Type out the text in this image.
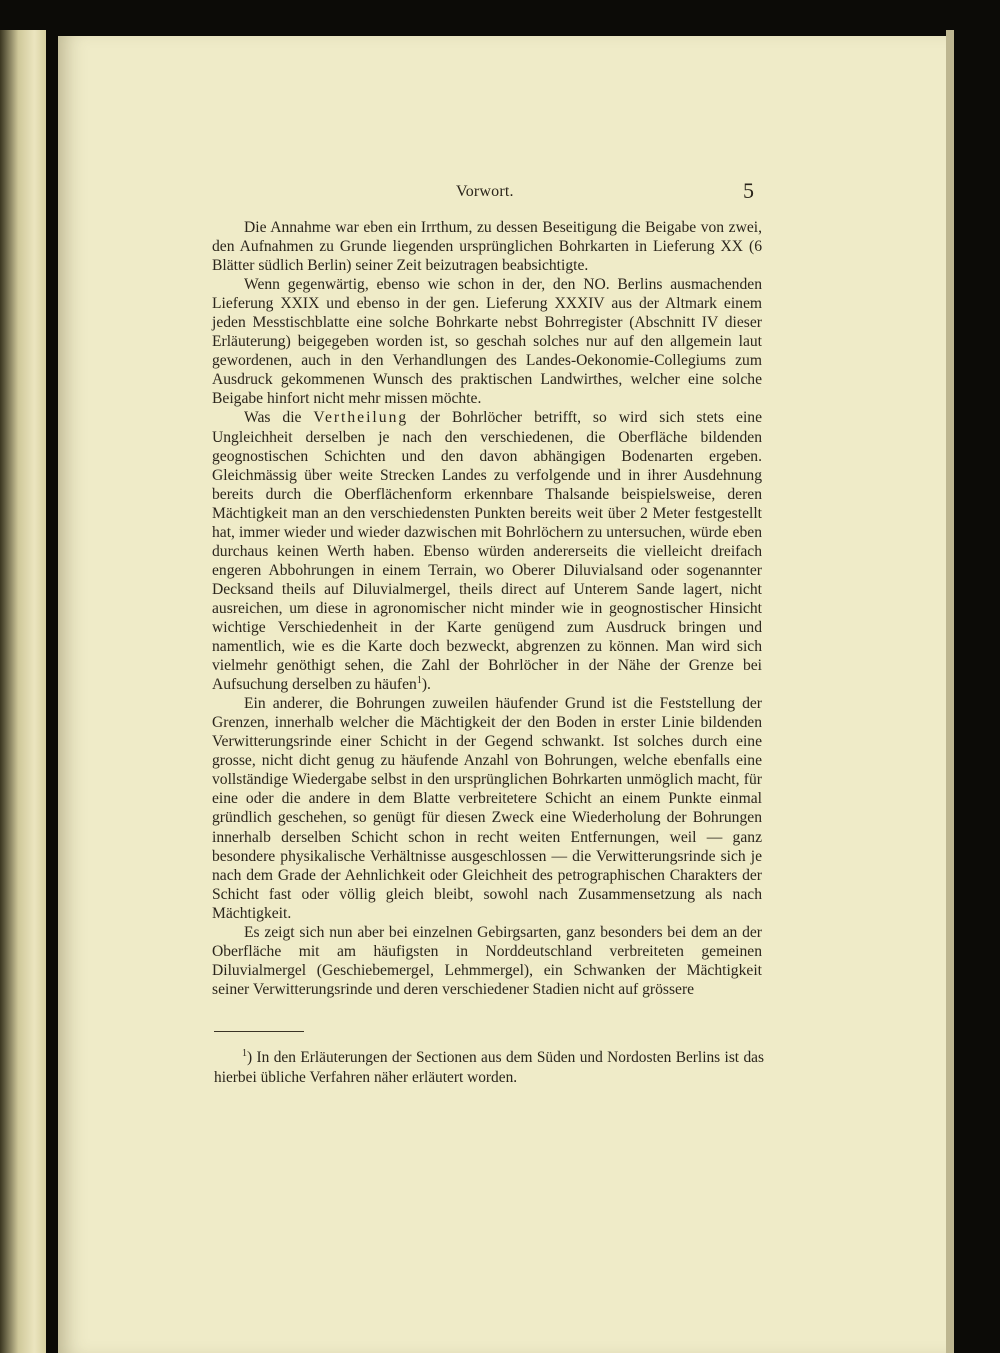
Vorwort.	5

Die Annahme war eben ein Irrthum, zu dessen Beseitigung die Beigabe von zwei, den Aufnahmen zu Grunde liegenden ursprünglichen Bohrkarten in Lieferung XX (6 Blätter südlich Berlin) seiner Zeit beizutragen beabsichtigte.

Wenn gegenwärtig, ebenso wie schon in der, den NO. Berlins ausmachenden Lieferung XXIX und ebenso in der gen. Lieferung XXXIV aus der Altmark einem jeden Messtischblatte eine solche Bohrkarte nebst Bohrregister (Abschnitt IV dieser Erläuterung) beigegeben worden ist, so geschah solches nur auf den allgemein laut gewordenen, auch in den Verhandlungen des Landes-Oekonomie-Collegiums zum Ausdruck gekommenen Wunsch des praktischen Landwirthes, welcher eine solche Beigabe hinfort nicht mehr missen möchte.

Was die Vertheilung der Bohrlöcher betrifft, so wird sich stets eine Ungleichheit derselben je nach den verschiedenen, die Oberfläche bildenden geognostischen Schichten und den davon abhängigen Bodenarten ergeben. Gleichmässig über weite Strecken Landes zu verfolgende und in ihrer Ausdehnung bereits durch die Oberflächenform erkennbare Thalsande beispielsweise, deren Mächtigkeit man an den verschiedensten Punkten bereits weit über 2 Meter festgestellt hat, immer wieder und wieder dazwischen mit Bohrlöchern zu untersuchen, würde eben durchaus keinen Werth haben. Ebenso würden andererseits die vielleicht dreifach engeren Abbohrungen in einem Terrain, wo Oberer Diluvialsand oder sogenannter Decksand theils auf Diluvialmergel, theils direct auf Unterem Sande lagert, nicht ausreichen, um diese in agronomischer nicht minder wie in geognostischer Hinsicht wichtige Verschiedenheit in der Karte genügend zum Ausdruck bringen und namentlich, wie es die Karte doch bezweckt, abgrenzen zu können. Man wird sich vielmehr genöthigt sehen, die Zahl der Bohrlöcher in der Nähe der Grenze bei Aufsuchung derselben zu häufen$^1$).

Ein anderer, die Bohrungen zuweilen häufender Grund ist die Feststellung der Grenzen, innerhalb welcher die Mächtigkeit der den Boden in erster Linie bildenden Verwitterungsrinde einer Schicht in der Gegend schwankt. Ist solches durch eine grosse, nicht dicht genug zu häufende Anzahl von Bohrungen, welche ebenfalls eine vollständige Wiedergabe selbst in den ursprünglichen Bohrkarten unmöglich macht, für eine oder die andere in dem Blatte verbreitetere Schicht an einem Punkte einmal gründlich geschehen, so genügt für diesen Zweck eine Wiederholung der Bohrungen innerhalb derselben Schicht schon in recht weiten Entfernungen, weil — ganz besondere physikalische Verhältnisse ausgeschlossen — die Verwitterungsrinde sich je nach dem Grade der Aehnlichkeit oder Gleichheit des petrographischen Charakters der Schicht fast oder völlig gleich bleibt, sowohl nach Zusammensetzung als nach Mächtigkeit.

Es zeigt sich nun aber bei einzelnen Gebirgsarten, ganz besonders bei dem an der Oberfläche mit am häufigsten in Norddeutschland verbreiteten gemeinen Diluvialmergel (Geschiebemergel, Lehmmergel), ein Schwanken der Mächtigkeit seiner Verwitterungsrinde und deren verschiedener Stadien nicht auf grössere

$^1$) In den Erläuterungen der Sectionen aus dem Süden und Nordosten Berlins ist das hierbei übliche Verfahren näher erläutert worden.
